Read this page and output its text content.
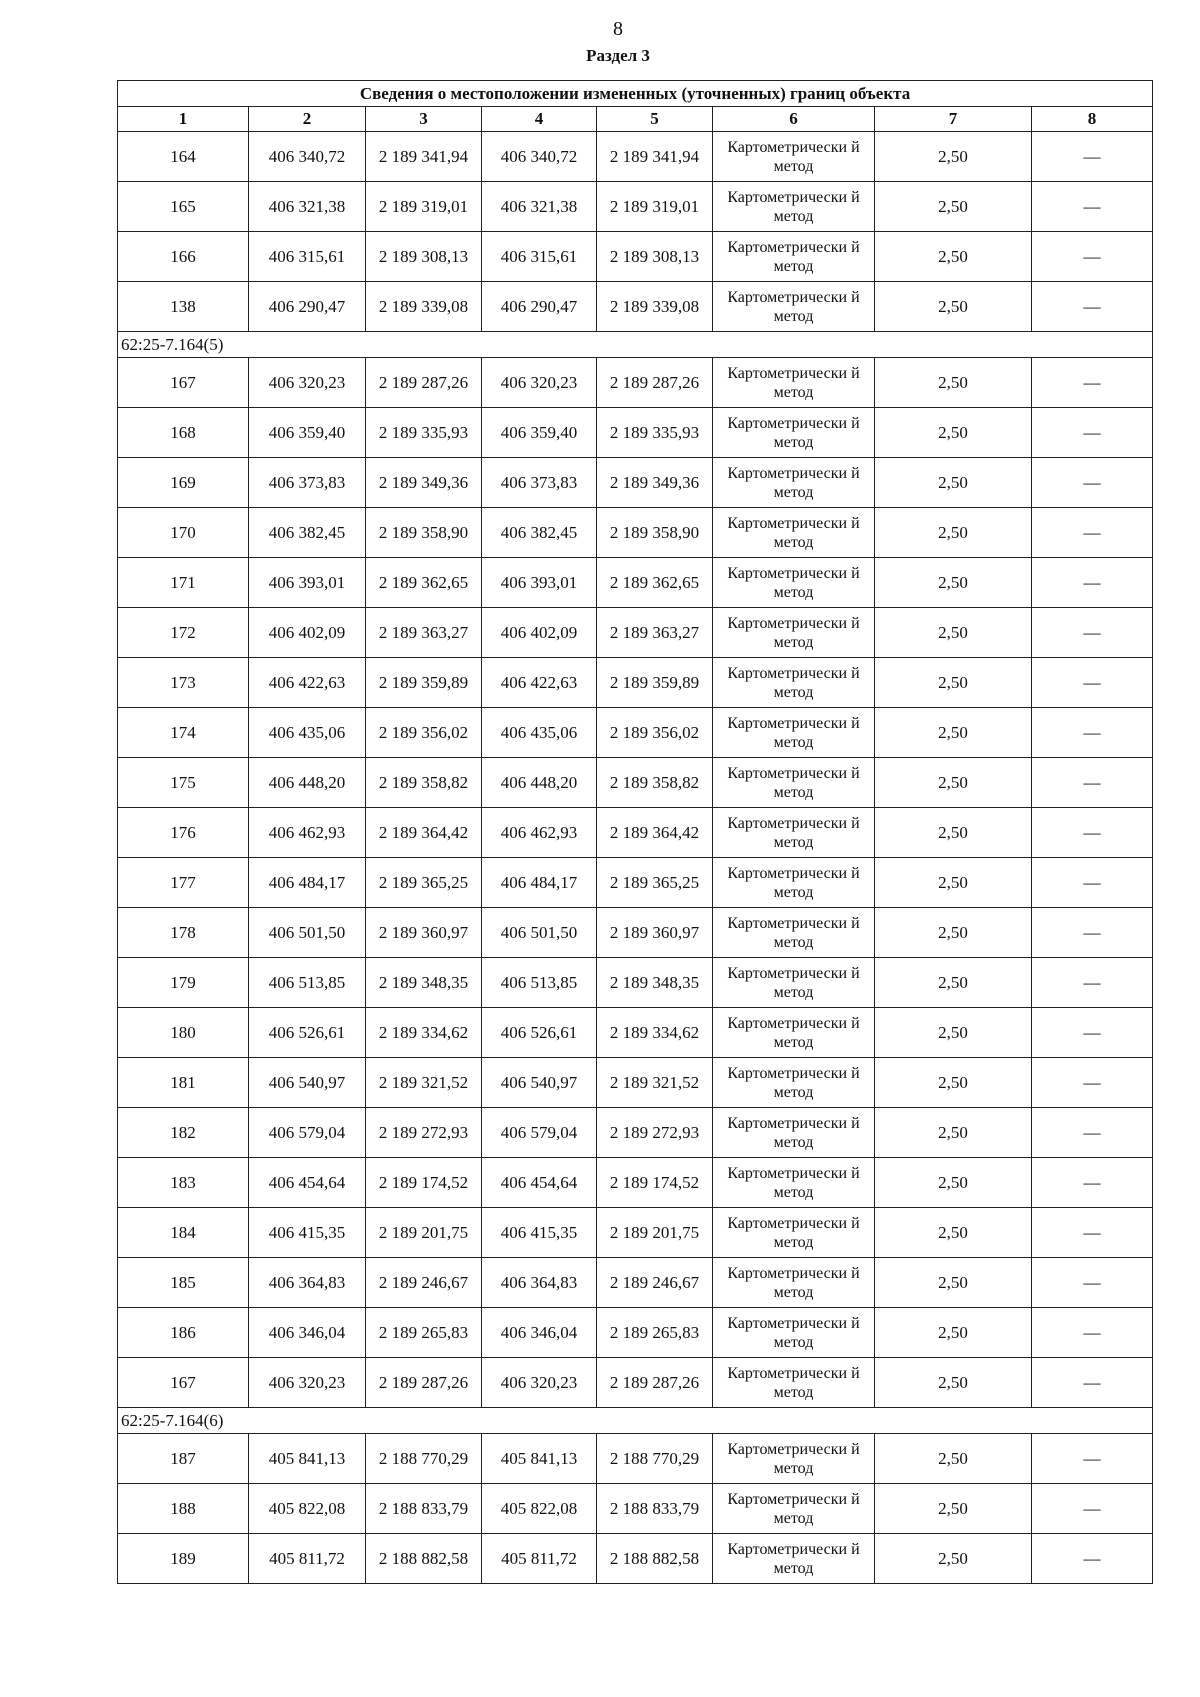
8
Раздел 3
Сведения о местоположении измененных (уточненных) границ объекта							
1	2	3	4	5	6	7	8
164	406 340,72	2 189 341,94	406 340,72	2 189 341,94	Картометрически й метод	2,50	—
165	406 321,38	2 189 319,01	406 321,38	2 189 319,01	Картометрически й метод	2,50	—
166	406 315,61	2 189 308,13	406 315,61	2 189 308,13	Картометрически й метод	2,50	—
138	406 290,47	2 189 339,08	406 290,47	2 189 339,08	Картометрически й метод	2,50	—
62:25-7.164(5)							
167	406 320,23	2 189 287,26	406 320,23	2 189 287,26	Картометрически й метод	2,50	—
168	406 359,40	2 189 335,93	406 359,40	2 189 335,93	Картометрически й метод	2,50	—
169	406 373,83	2 189 349,36	406 373,83	2 189 349,36	Картометрически й метод	2,50	—
170	406 382,45	2 189 358,90	406 382,45	2 189 358,90	Картометрически й метод	2,50	—
171	406 393,01	2 189 362,65	406 393,01	2 189 362,65	Картометрически й метод	2,50	—
172	406 402,09	2 189 363,27	406 402,09	2 189 363,27	Картометрически й метод	2,50	—
173	406 422,63	2 189 359,89	406 422,63	2 189 359,89	Картометрически й метод	2,50	—
174	406 435,06	2 189 356,02	406 435,06	2 189 356,02	Картометрически й метод	2,50	—
175	406 448,20	2 189 358,82	406 448,20	2 189 358,82	Картометрически й метод	2,50	—
176	406 462,93	2 189 364,42	406 462,93	2 189 364,42	Картометрически й метод	2,50	—
177	406 484,17	2 189 365,25	406 484,17	2 189 365,25	Картометрически й метод	2,50	—
178	406 501,50	2 189 360,97	406 501,50	2 189 360,97	Картометрически й метод	2,50	—
179	406 513,85	2 189 348,35	406 513,85	2 189 348,35	Картометрически й метод	2,50	—
180	406 526,61	2 189 334,62	406 526,61	2 189 334,62	Картометрически й метод	2,50	—
181	406 540,97	2 189 321,52	406 540,97	2 189 321,52	Картометрически й метод	2,50	—
182	406 579,04	2 189 272,93	406 579,04	2 189 272,93	Картометрически й метод	2,50	—
183	406 454,64	2 189 174,52	406 454,64	2 189 174,52	Картометрически й метод	2,50	—
184	406 415,35	2 189 201,75	406 415,35	2 189 201,75	Картометрически й метод	2,50	—
185	406 364,83	2 189 246,67	406 364,83	2 189 246,67	Картометрически й метод	2,50	—
186	406 346,04	2 189 265,83	406 346,04	2 189 265,83	Картометрически й метод	2,50	—
167	406 320,23	2 189 287,26	406 320,23	2 189 287,26	Картометрически й метод	2,50	—
62:25-7.164(6)							
187	405 841,13	2 188 770,29	405 841,13	2 188 770,29	Картометрически й метод	2,50	—
188	405 822,08	2 188 833,79	405 822,08	2 188 833,79	Картометрически й метод	2,50	—
189	405 811,72	2 188 882,58	405 811,72	2 188 882,58	Картометрически й метод	2,50	—
